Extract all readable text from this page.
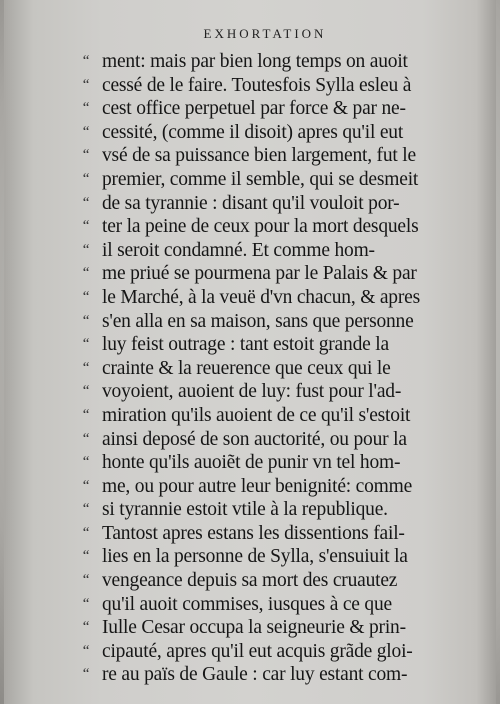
EXHORTATION
“ ment: mais par bien long temps on auoit
“ cessé de le faire. Toutesfois Sylla esleu à
“ cest office perpetuel par force & par ne-
“ cessité, (comme il disoit) apres qu'il eut
“ vsé de sa puissance bien largement, fut le
“ premier, comme il semble, qui se desmeit
“ de sa tyrannie : disant qu'il vouloit por-
“ ter la peine de ceux pour la mort desquels
“ il seroit condamné. Et comme hom-
“ me priué se pourmena par le Palais & par
“ le Marché, à la veuë d'vn chacun, & apres
“ s'en alla en sa maison, sans que personne
“ luy feist outrage : tant estoit grande la
“ crainte & la reuerence que ceux qui le
“ voyoient, auoient de luy: fust pour l'ad-
“ miration qu'ils auoient de ce qu'il s'estoit
“ ainsi deposé de son auctorité, ou pour la
“ honte qu'ils auoiẽt de punir vn tel hom-
“ me, ou pour autre leur benignité: comme
“ si tyrannie estoit vtile à la republique.
“ Tantost apres estans les dissentions fail-
“ lies en la personne de Sylla, s'ensuiuit la
“ vengeance depuis sa mort des cruautez
“ qu'il auoit commises, iusques à ce que
“ Iulle Cesar occupa la seigneurie & prin-
“ cipauté, apres qu'il eut acquis grãde gloi-
“ re au païs de Gaule : car luy estant com-
